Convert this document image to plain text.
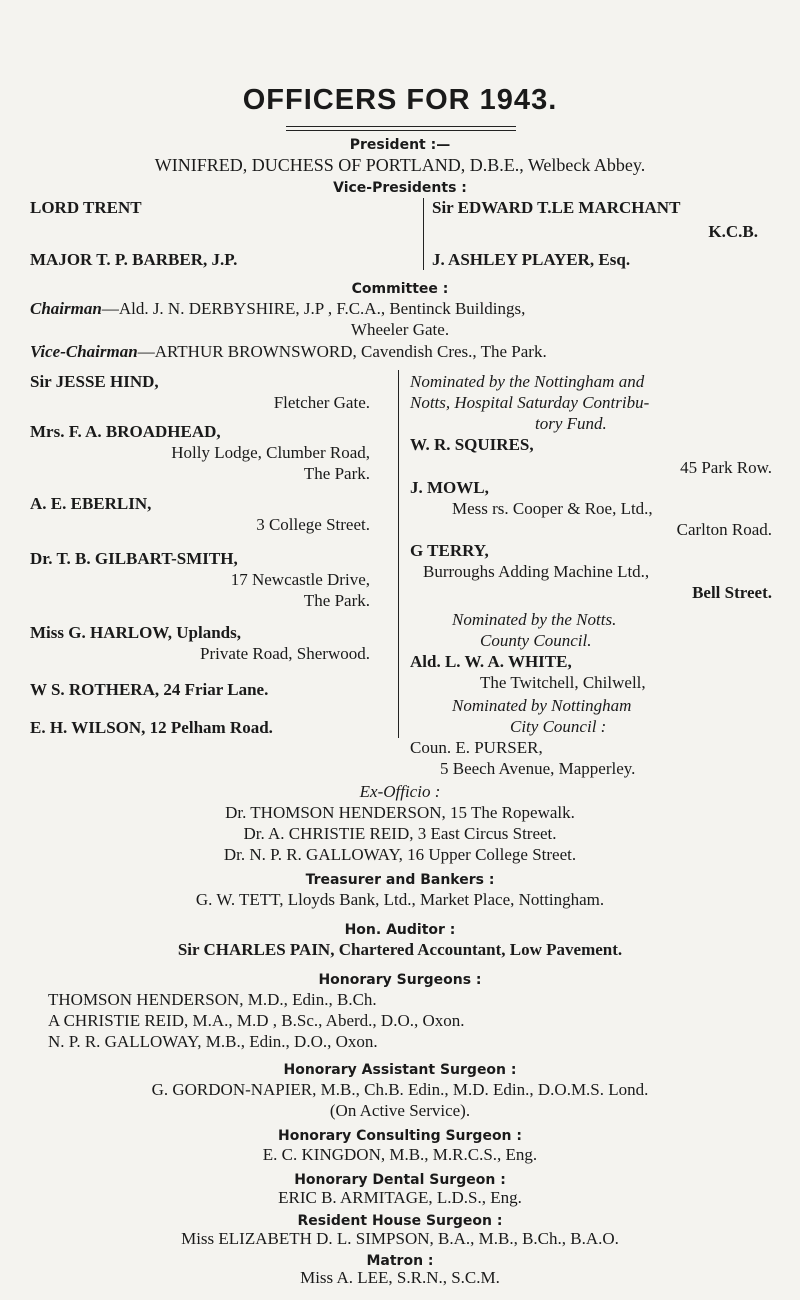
OFFICERS FOR 1943.
President :—
WINIFRED, DUCHESS OF PORTLAND, D.B.E., Welbeck Abbey.
Vice-Presidents :
LORD TRENT
MAJOR T. P. BARBER, J.P.
Sir EDWARD T.LE MARCHANT
K.C.B.
J. ASHLEY PLAYER, Esq.
Committee :
Chairman—Ald. J. N. DERBYSHIRE, J.P , F.C.A., Bentinck Buildings,
Wheeler Gate.
Vice-Chairman—ARTHUR BROWNSWORD, Cavendish Cres., The Park.
Sir JESSE HIND,
Fletcher Gate.
Mrs. F. A. BROADHEAD,
Holly Lodge, Clumber Road,
The Park.
A. E. EBERLIN,
3 College Street.
Dr. T. B. GILBART-SMITH,
17 Newcastle Drive,
The Park.
Miss G. HARLOW, Uplands,
Private Road, Sherwood.
W S. ROTHERA, 24 Friar Lane.
E. H. WILSON, 12 Pelham Road.
Nominated by the Nottingham and
Notts, Hospital Saturday Contribu-
tory Fund.
W. R. SQUIRES,
45 Park Row.
J. MOWL,
Mess rs. Cooper & Roe, Ltd.,
Carlton Road.
G TERRY,
Burroughs Adding Machine Ltd.,
Bell Street.
Nominated by the Notts.
County Council.
Ald. L. W. A. WHITE,
The Twitchell, Chilwell,
Nominated by Nottingham
City Council :
Coun. E. PURSER,
5 Beech Avenue, Mapperley.
Ex-Officio :
Dr. THOMSON HENDERSON, 15 The Ropewalk.
Dr. A. CHRISTIE REID, 3 East Circus Street.
Dr. N. P. R. GALLOWAY, 16 Upper College Street.
Treasurer and Bankers :
G. W. TETT, Lloyds Bank, Ltd., Market Place, Nottingham.
Hon. Auditor :
Sir CHARLES PAIN, Chartered Accountant, Low Pavement.
Honorary Surgeons :
THOMSON HENDERSON, M.D., Edin., B.Ch.
A CHRISTIE REID, M.A., M.D , B.Sc., Aberd., D.O., Oxon.
N. P. R. GALLOWAY, M.B., Edin., D.O., Oxon.
Honorary Assistant Surgeon :
G. GORDON-NAPIER, M.B., Ch.B. Edin., M.D. Edin., D.O.M.S. Lond.
(On Active Service).
Honorary Consulting Surgeon :
E. C. KINGDON, M.B., M.R.C.S., Eng.
Honorary Dental Surgeon :
ERIC B. ARMITAGE, L.D.S., Eng.
Resident House Surgeon :
Miss ELIZABETH D. L. SIMPSON, B.A., M.B., B.Ch., B.A.O.
Matron :
Miss A. LEE, S.R.N., S.C.M.
